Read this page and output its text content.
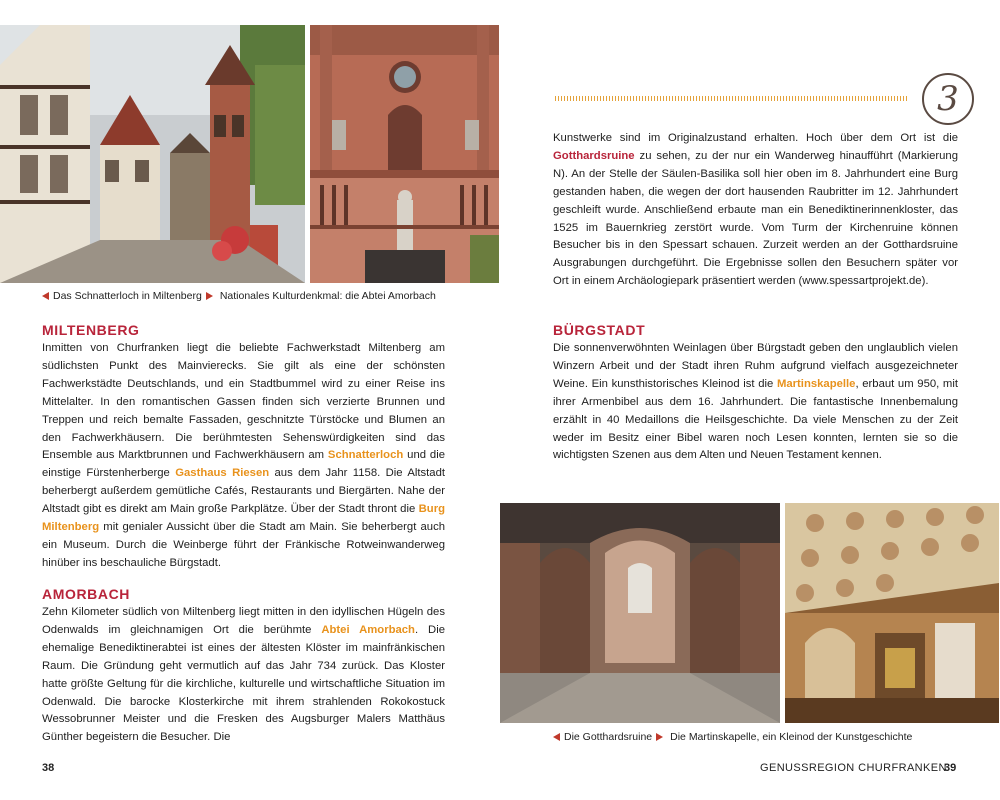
Das Schnatterloch in Miltenberg Nationales Kulturdenkmal: die Abtei Amorbach
MILTENBERG
Inmitten von Churfranken liegt die beliebte Fachwerkstadt Miltenberg am südlichsten Punkt des Mainvierecks. Sie gilt als eine der schönsten Fachwerkstädte Deutschlands, und ein Stadtbummel wird zu einer Reise ins Mittelalter. In den romantischen Gassen finden sich verzierte Brunnen und Treppen und reich bemalte Fassaden, geschnitzte Türstöcke und Blumen an den Fachwerkhäusern. Die berühmtesten Sehenswürdigkeiten sind das Ensemble aus Marktbrunnen und Fachwerkhäusern am Schnatterloch und die einstige Fürstenherberge Gasthaus Riesen aus dem Jahr 1158. Die Altstadt beherbergt außerdem gemütliche Cafés, Restaurants und Biergärten. Nahe der Altstadt gibt es direkt am Main große Parkplätze. Über der Stadt thront die Burg Miltenberg mit genialer Aussicht über die Stadt am Main. Sie beherbergt auch ein Museum. Durch die Weinberge führt der Fränkische Rotweinwanderweg hinüber ins beschauliche Bürgstadt.
AMORBACH
Zehn Kilometer südlich von Miltenberg liegt mitten in den idyllischen Hügeln des Odenwalds im gleichnamigen Ort die berühmte Abtei Amorbach. Die ehemalige Benediktinerabtei ist eines der ältesten Klöster im mainfränkischen Raum. Die Gründung geht vermutlich auf das Jahr 734 zurück. Das Kloster hatte größte Geltung für die kirchliche, kulturelle und wirtschaftliche Situation im Odenwald. Die barocke Klosterkirche mit ihrem strahlenden Rokokostuck Wessobrunner Meister und die Fresken des Augsburger Malers Matthäus Günther begeistern die Besucher. Die
38
3
Kunstwerke sind im Originalzustand erhalten. Hoch über dem Ort ist die Gotthardsruine zu sehen, zu der nur ein Wanderweg hinaufführt (Markierung N). An der Stelle der Säulen-Basilika soll hier oben im 8. Jahrhundert eine Burg gestanden haben, die wegen der dort hausenden Raubritter im 12. Jahrhundert geschleift wurde. Anschließend erbaute man ein Benediktinerinnenkloster, das 1525 im Bauernkrieg zerstört wurde. Vom Turm der Kirchenruine können Besucher bis in den Spessart schauen. Zurzeit werden an der Gotthardsruine Ausgrabungen durchgeführt. Die Ergebnisse sollen den Besuchern später vor Ort in einem Archäologiepark präsentiert werden (www.spessartprojekt.de).
BÜRGSTADT
Die sonnenverwöhnten Weinlagen über Bürgstadt geben den unglaublich vielen Winzern Arbeit und der Stadt ihren Ruhm aufgrund vielfach ausgezeichneter Weine. Ein kunsthistorisches Kleinod ist die Martinskapelle, erbaut um 950, mit ihrer Armenbibel aus dem 16. Jahrhundert. Die fantastische Innenbemalung erzählt in 40 Medaillons die Heilsgeschichte. Da viele Menschen zu der Zeit weder im Besitz einer Bibel waren noch Lesen konnten, lernten sie so die wichtigsten Szenen aus dem Alten und Neuen Testament kennen.
Die Gotthardsruine Die Martinskapelle, ein Kleinod der Kunstgeschichte
GENUSSREGION CHURFRANKEN
39
